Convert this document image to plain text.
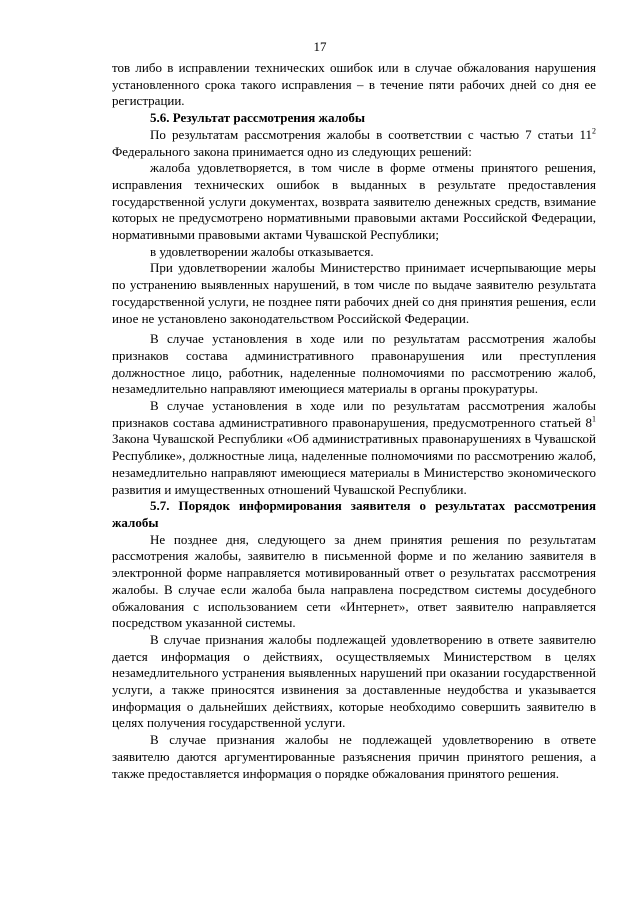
17

тов либо в исправлении технических ошибок или в случае обжалования нарушения установленного срока такого исправления – в течение пяти рабочих дней со дня ее регистрации.

5.6. Результат рассмотрения жалобы

По результатам рассмотрения жалобы в соответствии с частью 7 статьи $11^2$ Федерального закона принимается одно из следующих решений:

жалоба удовлетворяется, в том числе в форме отмены принятого решения, исправления технических ошибок в выданных в результате предоставления государственной услуги документах, возврата заявителю денежных средств, взимание которых не предусмотрено нормативными правовыми актами Российской Федерации, нормативными правовыми актами Чувашской Республики;

в удовлетворении жалобы отказывается.

При удовлетворении жалобы Министерство принимает исчерпывающие меры по устранению выявленных нарушений, в том числе по выдаче заявителю результата государственной услуги, не позднее пяти рабочих дней со дня принятия решения, если иное не установлено законодательством Российской Федерации.

В случае установления в ходе или по результатам рассмотрения жалобы признаков состава административного правонарушения или преступления должностное лицо, работник, наделенные полномочиями по рассмотрению жалоб, незамедлительно направляют имеющиеся материалы в органы прокуратуры.

В случае установления в ходе или по результатам рассмотрения жалобы признаков состава административного правонарушения, предусмотренного статьей $8^1$ Закона Чувашской Республики «Об административных правонарушениях в Чувашской Республике», должностные лица, наделенные полномочиями по рассмотрению жалоб, незамедлительно направляют имеющиеся материалы в Министерство экономического развития и имущественных отношений Чувашской Республики.

5.7. Порядок информирования заявителя о результатах рассмотрения жалобы

Не позднее дня, следующего за днем принятия решения по результатам рассмотрения жалобы, заявителю в письменной форме и по желанию заявителя в электронной форме направляется мотивированный ответ о результатах рассмотрения жалобы. В случае если жалоба была направлена посредством системы досудебного обжалования с использованием сети «Интернет», ответ заявителю направляется посредством указанной системы.

В случае признания жалобы подлежащей удовлетворению в ответе заявителю дается информация о действиях, осуществляемых Министерством в целях незамедлительного устранения выявленных нарушений при оказании государственной услуги, а также приносятся извинения за доставленные неудобства и указывается информация о дальнейших действиях, которые необходимо совершить заявителю в целях получения государственной услуги.

В случае признания жалобы не подлежащей удовлетворению в ответе заявителю даются аргументированные разъяснения причин принятого решения, а также предоставляется информация о порядке обжалования принятого решения.
